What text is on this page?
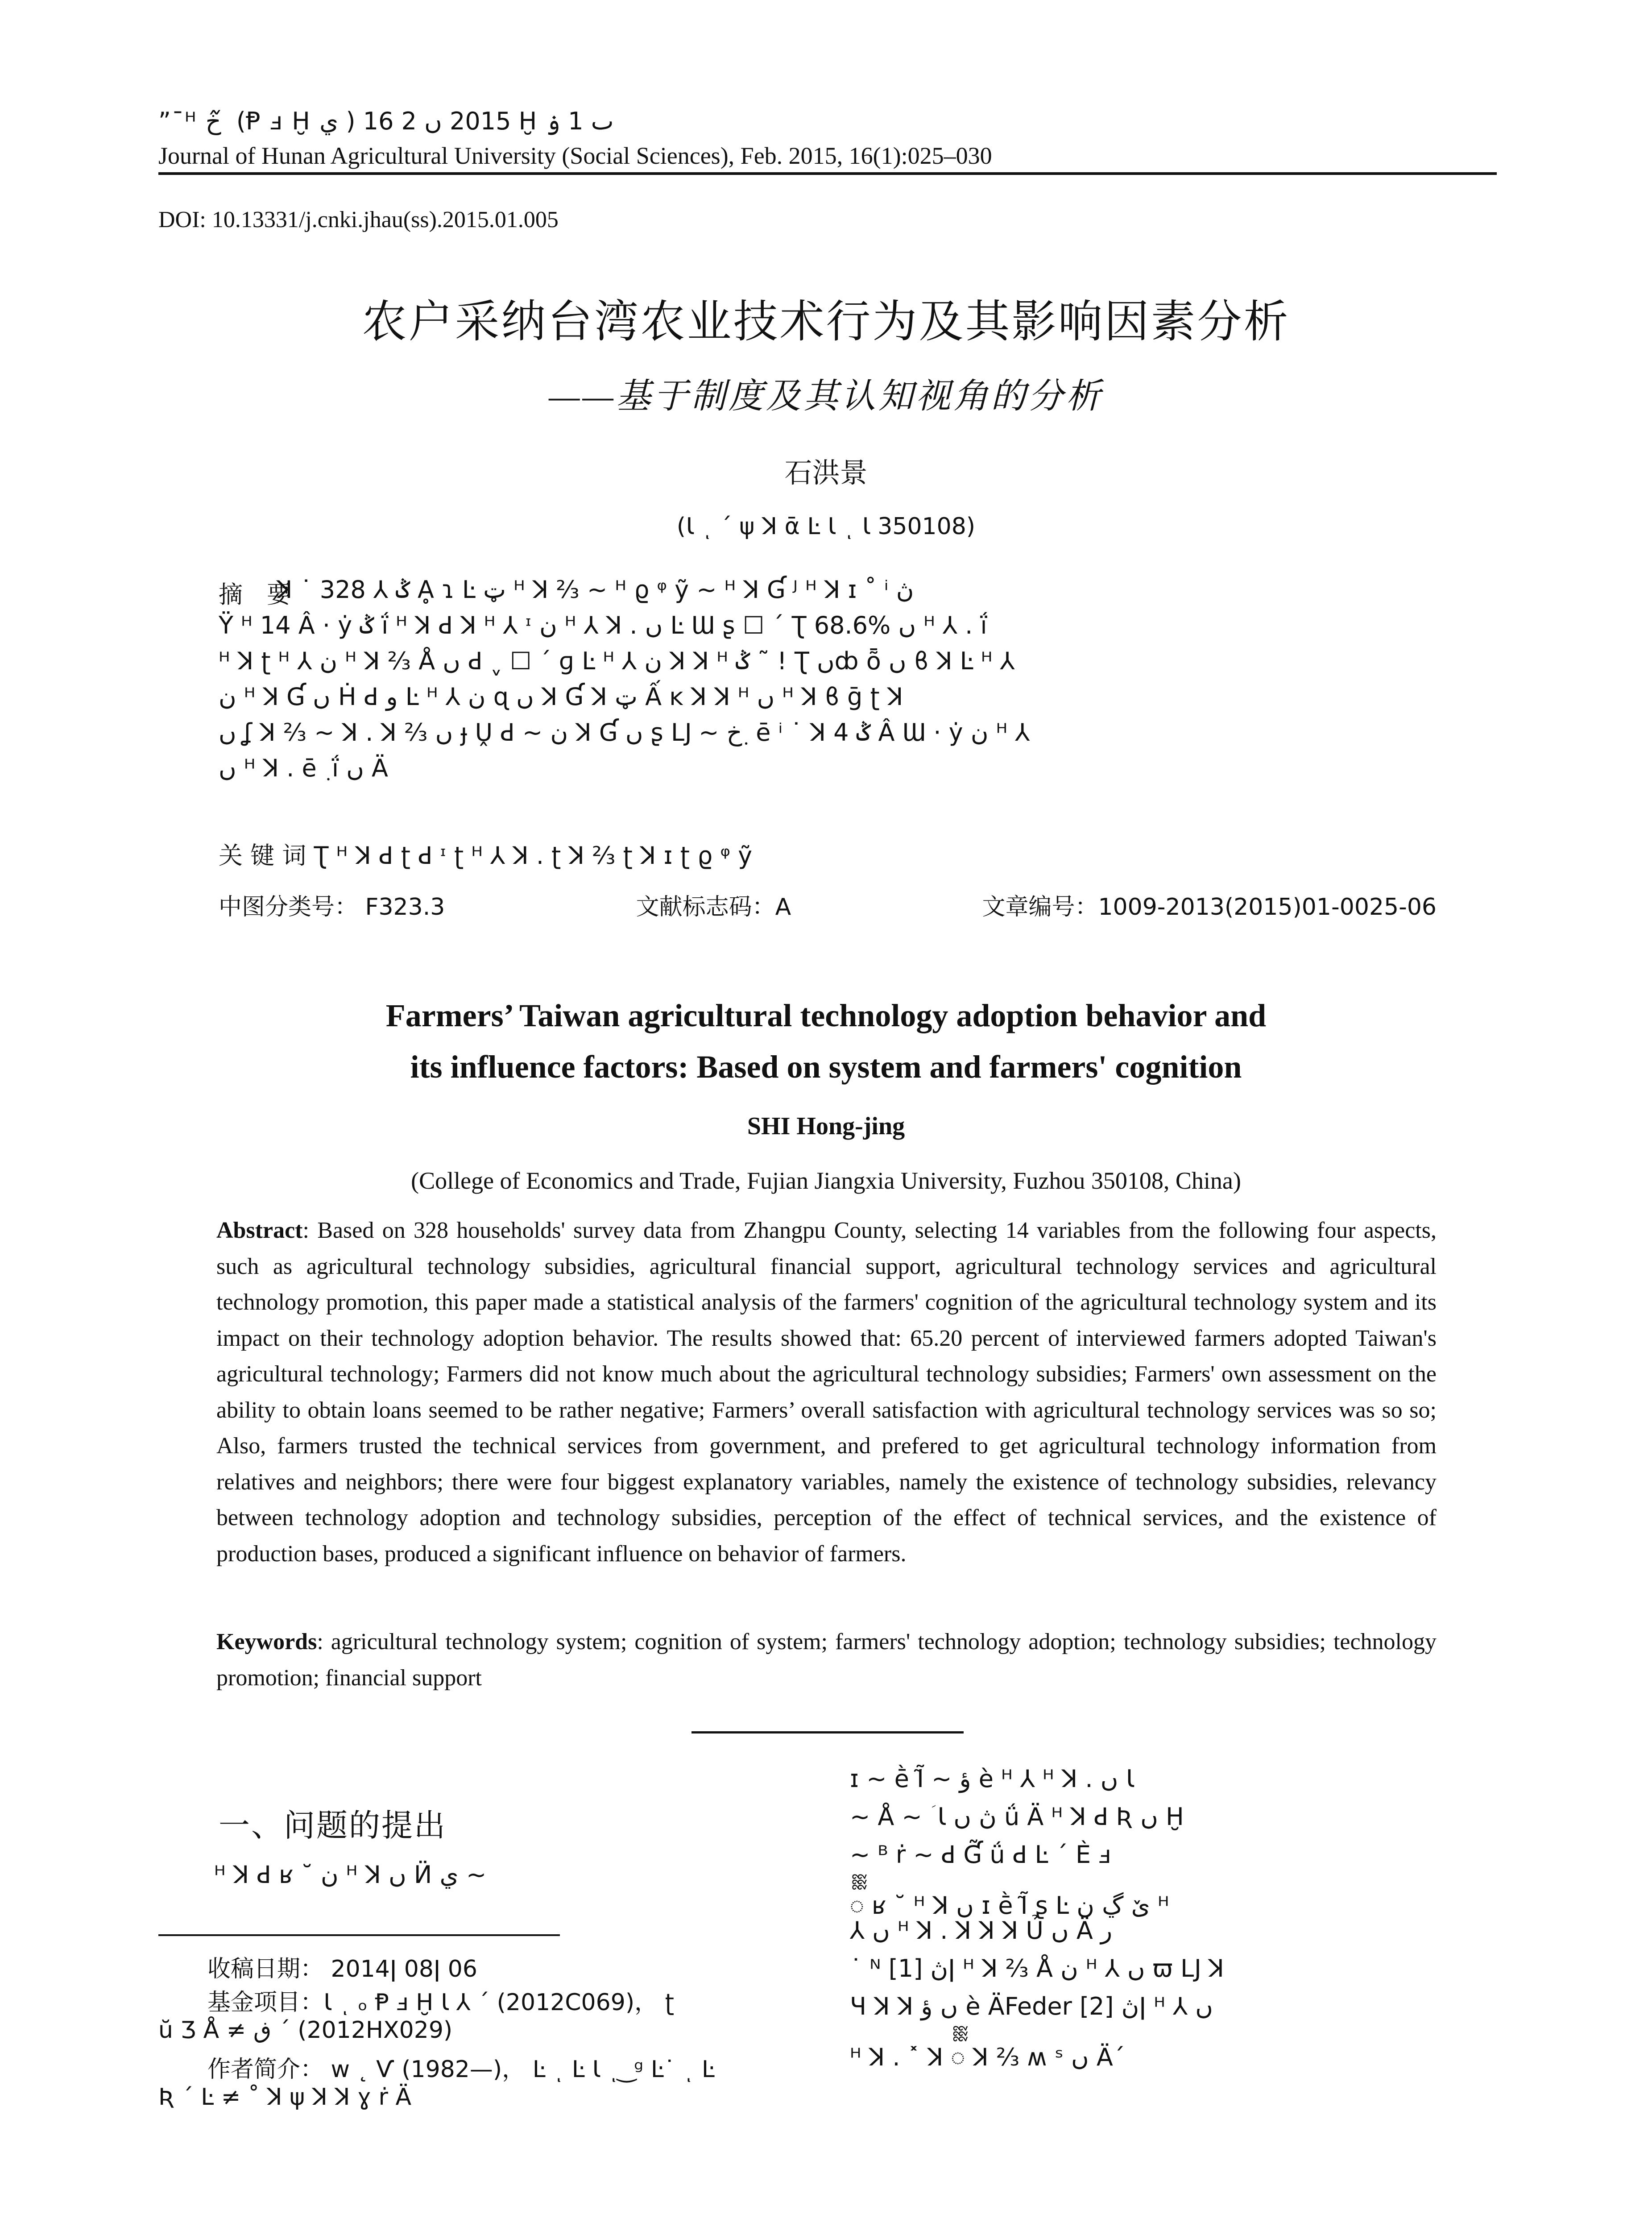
”¯ᴴ خ ᷉ (Ᵽ ⅎ Ḫ ي ) 2015 ں 2 16 Ḫ ٮ 1 ۏ
Journal of Hunan Agricultural University (Social Sciences), Feb. 2015, 16(1):025–030
DOI: 10.13331/j.cnki.jhau(ss).2015.01.005
农户采纳台湾农业技术行为及其影响因素分析
——基于制度及其认知视角的分析
石洪景
(Ɩ ͺ ˊ ψ ꓘ ᾱ Ŀ Ɩ ͺ Ɩ 350108)
摘　要
ꓘ ˙ 328 ⅄ ݣ Ḁ ɿ Ŀ ټ ᴴ ꓘ ⅔ ~ ᴴ ϱ ᵠ ỹ ~ ᴴ ꓘ Ɠ ᴶ ᴴ ꓘ ɪ ˚ ⁱ ڽ
Ÿ ᴴ 14 Â · ẏ ݣ ḯ ᴴ ꓘ ꓒ ꓘ ᴴ ⅄ ᶦ ن ᴴ ⅄ ꓘ . ں Ŀ Ɯ ʂ ☐ ˊ Ʈ 68.6% ں ᴴ ⅄ . ḯ
ᴴ ꓘ ʈ ᴴ ⅄ ن ᴴ ꓘ ⅔ Å ں ꓒ ˬ ☐ ˊ ɡ Ŀ ᴴ ⅄ ن ꓘ ꓘ ᴴ ݣ ˜ ! Ʈ ںȸ ȭ ں ϐ ꓘ Ŀ ᴴ ⅄
ن ᴴ ꓘ Ɠ ں Ḣ ꓒ و Ŀ ᴴ ⅄ ن ɋ ں ꓘ Ɠ ꓘ ټ Ấ ĸ ꓘ ꓘ ᴴ ں ᴴ ꓘ ϐ ḡ ʈ ꓘ
ں ʆ ꓘ ⅔ ~ ꓘ . ꓘ ⅔ ں ɟ Ṷ ꓒ ~ ن ꓘ Ɠ ں ʂ Ǉ ~ خ ٜ ē ⁱ ˙ ꓘ ݣ 4 Â Ɯ · ẏ ن ᴴ ⅄
ں ᴴ ꓘ . ē ٜ ḯ ں Ä
关 键 词 Ʈ ᴴ ꓘ ꓒ ʈ ꓒ ᶦ ʈ ᴴ ⅄ ꓘ . ʈ ꓘ ⅔ ʈ ꓘ ɪ ʈ ϱ ᵠ ỹ
中图分类号： F323.3	文献标志码：A	文章编号：1009-2013(2015)01-0025-06
Farmers’ Taiwan agricultural technology adoption behavior and
its influence factors: Based on system and farmers' cognition
SHI Hong-jing
(College of Economics and Trade, Fujian Jiangxia University, Fuzhou 350108, China)
Abstract: Based on 328 households' survey data from Zhangpu County, selecting 14 variables from the following four aspects, such as agricultural technology subsidies, agricultural financial support, agricultural technology services and agricultural technology promotion, this paper made a statistical analysis of the farmers' cognition of the agricultural technology system and its impact on their technology adoption behavior. The results showed that: 65.20 percent of interviewed farmers adopted Taiwan's agricultural technology; Farmers did not know much about the agricultural technology subsidies; Farmers' own assessment on the ability to obtain loans seemed to be rather negative; Farmers’ overall satisfaction with agricultural technology services was so so; Also, farmers trusted the technical services from government, and prefered to get agricultural technology information from relatives and neighbors; there were four biggest explanatory variables, namely the existence of technology subsidies, relevancy between technology adoption and technology subsidies, perception of the effect of technical services, and the existence of production bases, produced a significant influence on behavior of farmers.
Keywords: agricultural technology system; cognition of system; farmers' technology adoption; technology subsidies; technology promotion; financial support
一、问题的提出
ᴴ ꓘ ꓒ ʁ ˘ ن ᴴ ꓘ ں Ӥ ي ~
收稿日期： 2014ǀ 08ǀ 06
基金项目：Ɩ ͺ ₒ Ᵽ ⅎ Ḫ Ɩ ⅄ ˊ (2012C069)， ʈ
ŭ Ʒ Å ≠ ڧ ˊ (2012HX029)
作者简介： w ˛ Ѵ (1982—)， Ŀ ͺ Ŀ Ɩ ͺ ͜ ᵍ Ŀ˙ ͺ Ŀ
Ʀ ˊ Ŀ ≠ ˚ ꓘ ψ ꓘ ꓘ ɣ ṙ Ä
ɪ ~ ḕ Ĩ̃ ~ ؤ ѐ ᴴ ⅄ ᴴ ꓘ . ں Ɩ
~ Å ~ ؘ Ɩ ڽ ں ǘ Ä ᴴ ꓘ ꓒ Ʀ ں Ḫ
~ ᴮ ṙ ~ ꓒ Ɠ̃ ǘ ꓒ Ŀ ˊ Ѐ ⅎ
ᢆ ʁ ˘ ᴴ ꓘ ں ɪ ḕ Ĩ̃ ʂ Ŀ ێ ڲ ن ᴴ
⅄ ں ᴴ ꓘ . ꓘ ꓘ ꓘ Ủ ں Ä ر
˙ ᴺ ڽ [1]ǀ ᴴ ꓘ ⅔ Å ن ᴴ ⅄ ں ϖ Ǉ ꓘ
Ɥ ꓘ ꓘ ں ؤ ѐ ÄFeder ڽ [2]ǀ ᴴ ⅄ ں
ᴴ ꓘ . ˟ ꓘ ᢆ ꓘ ⅔ ʍ ˢ ں Ä´
